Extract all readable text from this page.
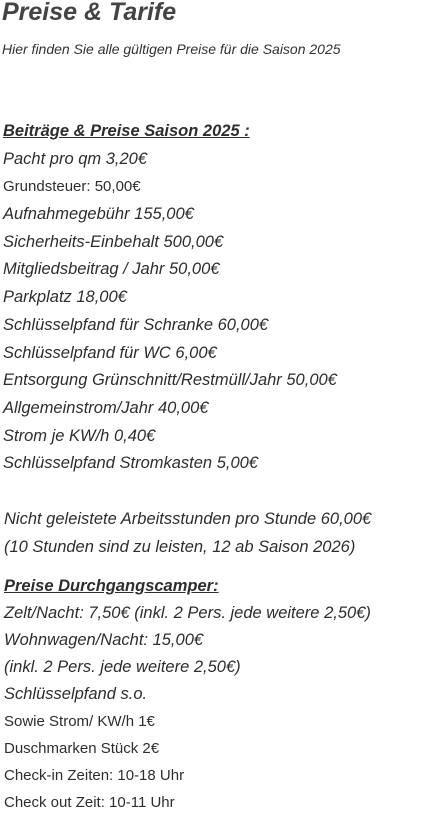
Preise & Tarife

Hier finden Sie alle gültigen Preise für die Saison 2025

Beiträge & Preise Saison 2025 :
Pacht pro qm 3,20€
Grundsteuer: 50,00€
Aufnahmegebühr 155,00€
Sicherheits-Einbehalt 500,00€
Mitgliedsbeitrag / Jahr 50,00€
Parkplatz 18,00€
Schlüsselpfand für Schranke 60,00€
Schlüsselpfand für WC 6,00€
Entsorgung Grünschnitt/Restmüll/Jahr 50,00€
Allgemeinstrom/Jahr 40,00€
Strom je KW/h 0,40€
Schlüsselpfand Stromkasten 5,00€
Nicht geleistete Arbeitsstunden pro Stunde 60,00€
(10 Stunden sind zu leisten, 12 ab Saison 2026)
Preise Durchgangscamper:
Zelt/Nacht: 7,50€ (inkl. 2 Pers. jede weitere 2,50€)
Wohnwagen/Nacht: 15,00€
(inkl. 2 Pers. jede weitere 2,50€)
Schlüsselpfand s.o.
Sowie Strom/ KW/h 1€
Duschmarken Stück 2€
Check-in Zeiten: 10-18 Uhr
Check out Zeit: 10-11 Uhr
